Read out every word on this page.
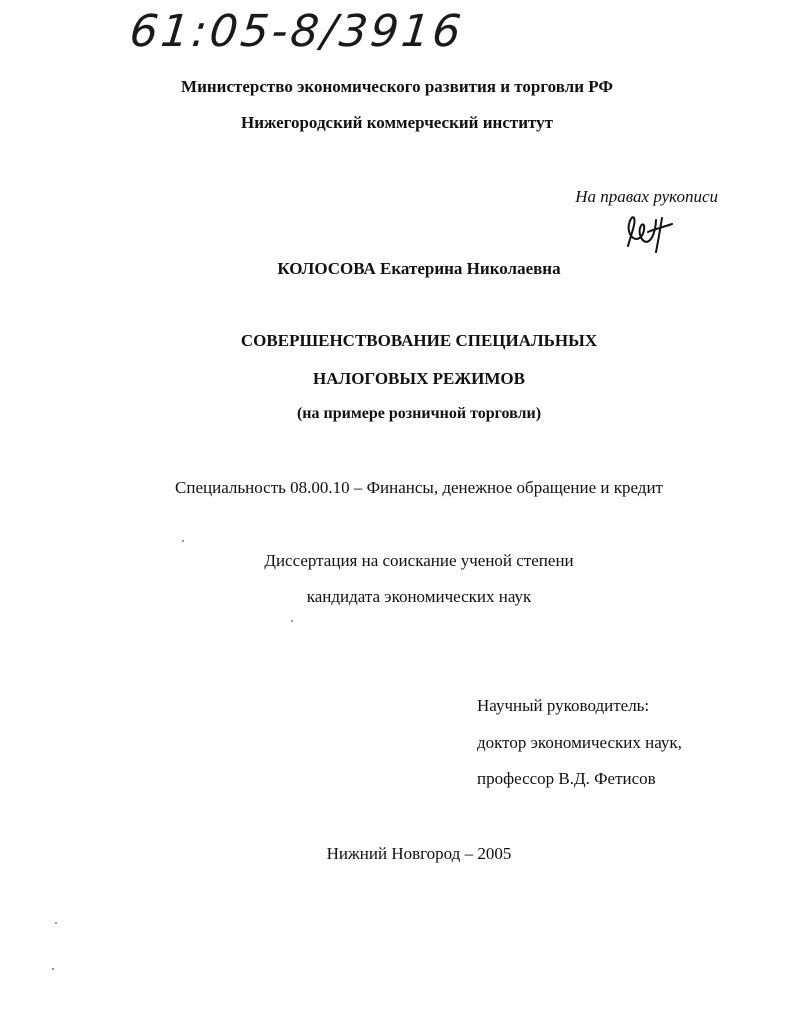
61:05-8/3916
Министерство экономического развития и торговли РФ
Нижегородский коммерческий институт
На правах рукописи
КОЛОСОВА Екатерина Николаевна
СОВЕРШЕНСТВОВАНИЕ СПЕЦИАЛЬНЫХ
НАЛОГОВЫХ РЕЖИМОВ
(на примере розничной торговли)
Специальность 08.00.10 – Финансы, денежное обращение и кредит
Диссертация на соискание ученой степени
кандидата экономических наук
Научный руководитель:
доктор экономических наук,
профессор В.Д. Фетисов
Нижний Новгород – 2005
